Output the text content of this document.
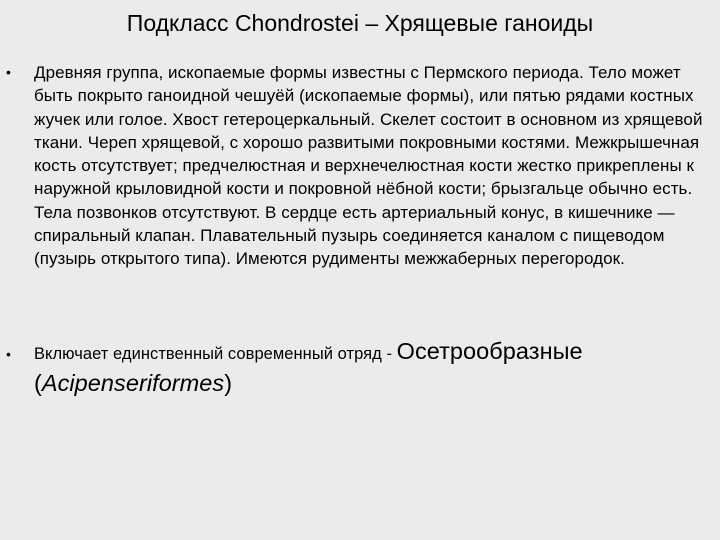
Подкласс Chondrostei – Хрящевые ганоиды
• Древняя группа, ископаемые формы известны с Пермского периода. Тело может быть покрыто ганоидной чешуёй (ископаемые формы), или пятью рядами костных жучек или голое. Хвост гетероцеркальный. Скелет состоит в основном из хрящевой ткани. Череп хрящевой, с хорошо развитыми покровными костями. Межкрышечная кость отсутствует; предчелюстная и верхнечелюстная кости жестко прикреплены к наружной крыловидной кости и покровной нёбной кости; брызгальце обычно есть. Тела позвонков отсутствуют. В сердце есть артериальный конус, в кишечнике — спиральный клапан. Плавательный пузырь соединяется каналом с пищеводом (пузырь открытого типа). Имеются рудименты межжаберных перегородок.
• Включает единственный современный отряд - Осетрообразные
(Acipenseriformes)
